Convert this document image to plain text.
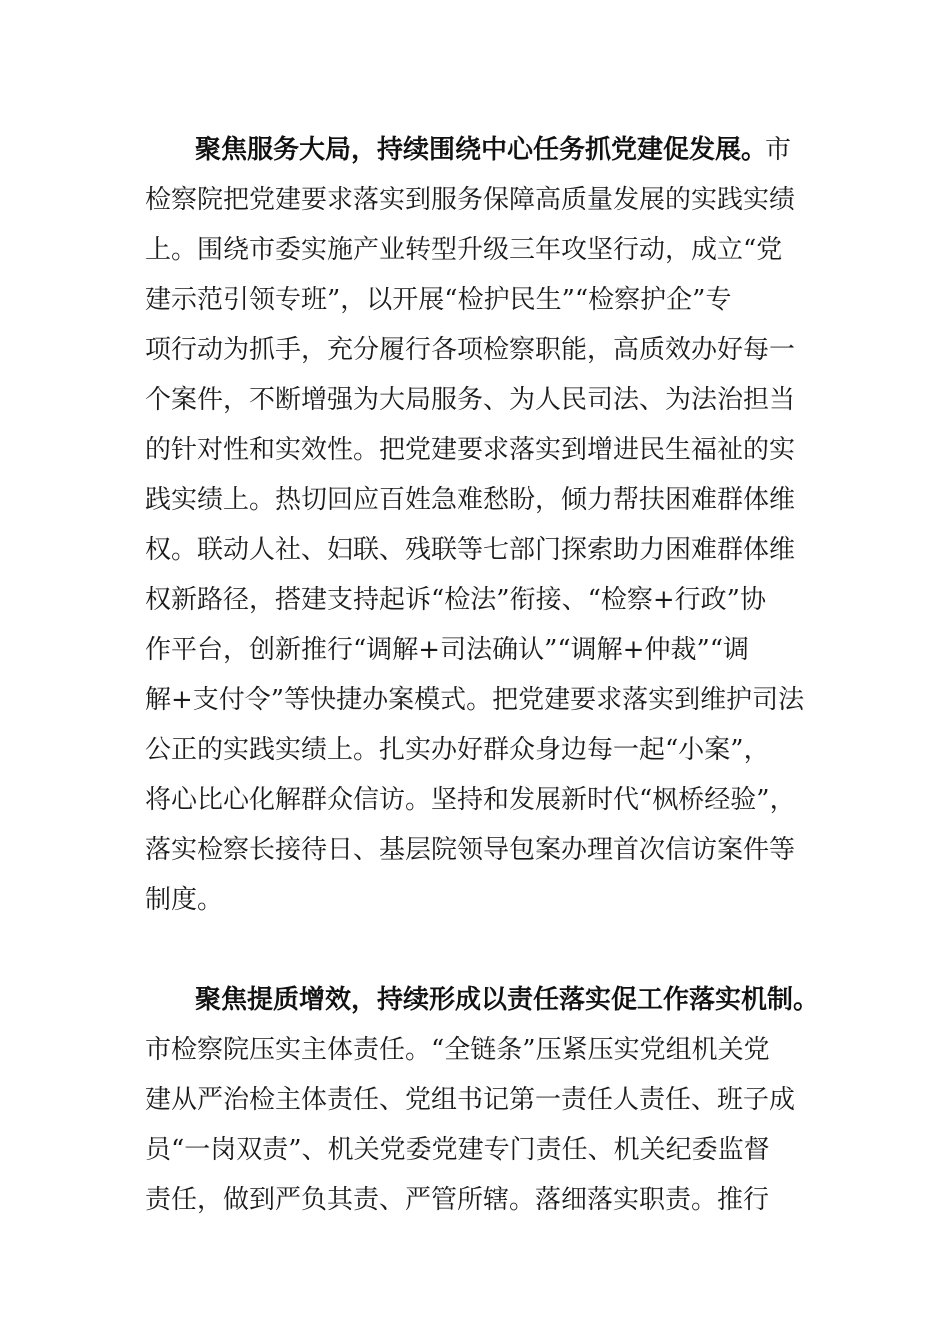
聚焦服务大局，持续围绕中心任务抓党建促发展。
市
检察院把党建要求落实到服务保障高质量发展的实践实绩
上。围绕市委实施产业转型升级三年攻坚行动，成立“党
建示范引领专班”，以开展“检护民生”“检察护企”专
项行动为抓手，充分履行各项检察职能，高质效办好每一
个案件，不断增强为大局服务、为人民司法、为法治担当
的针对性和实效性。把党建要求落实到增进民生福祉的实
践实绩上。热切回应百姓急难愁盼，倾力帮扶困难群体维
权。联动人社、妇联、残联等七部门探索助力困难群体维
权新路径，搭建支持起诉“检法”衔接、“检察+行政”协
作平台，创新推行“调解+司法确认”“调解+仲裁”“调
解+支付令”等快捷办案模式。把党建要求落实到维护司法
公正的实践实绩上。扎实办好群众身边每一起“小案”，
将心比心化解群众信访。坚持和发展新时代“枫桥经验”，
落实检察长接待日、基层院领导包案办理首次信访案件等
制度。
聚焦提质增效，持续形成以责任落实促工作落实机制。
市检察院压实主体责任。“全链条”压紧压实党组机关党
建从严治检主体责任、党组书记第一责任人责任、班子成
员“一岗双责”、机关党委党建专门责任、机关纪委监督
责任，做到严负其责、严管所辖。落细落实职责。推行
